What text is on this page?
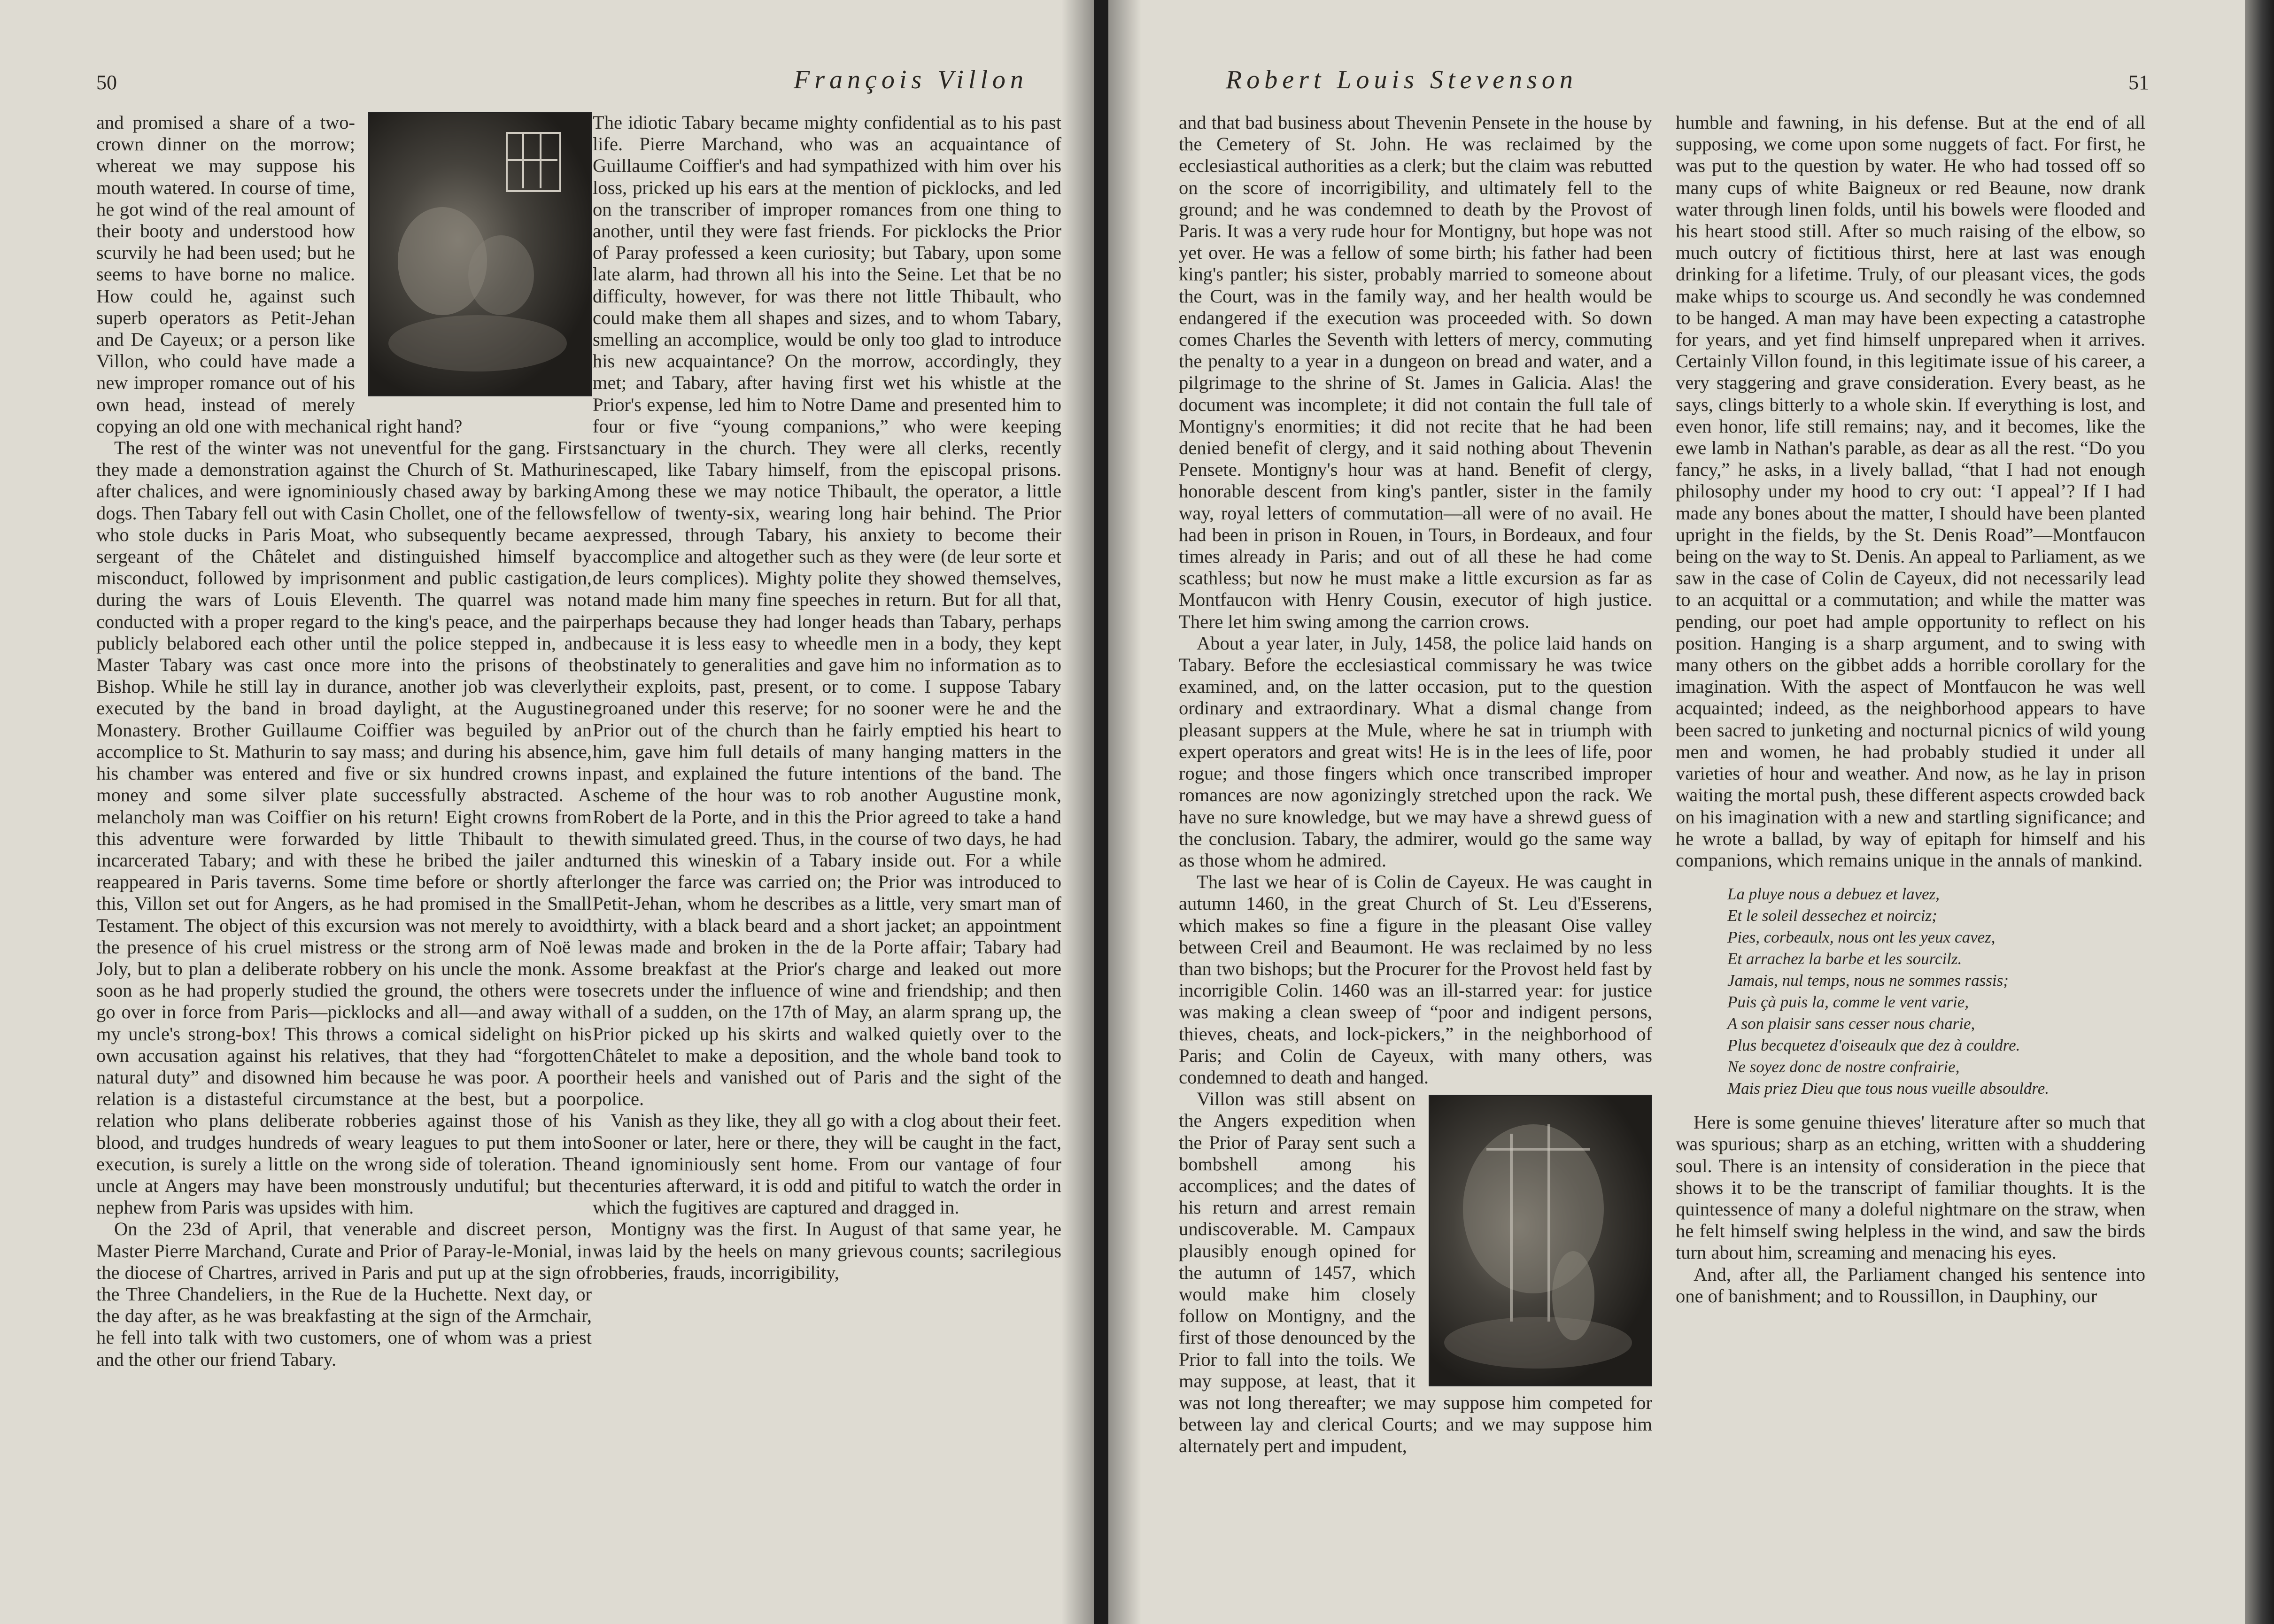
50	François Villon

and promised a share of a two-crown dinner on the morrow; whereat we may suppose his mouth watered. In course of time, he got wind of the real amount of their booty and understood how scurvily he had been used; but he seems to have borne no malice. How could he, against such superb operators as Petit-Jehan and De Cayeux; or a person like Villon, who could have made a new improper romance out of his own head, instead of merely copying an old one with mechanical right hand?

The rest of the winter was not uneventful for the gang. First they made a demonstration against the Church of St. Mathurin after chalices, and were ignominiously chased away by barking dogs. Then Tabary fell out with Casin Chollet, one of the fellows who stole ducks in Paris Moat, who subsequently became a sergeant of the Châtelet and distinguished himself by misconduct, followed by imprisonment and public castigation, during the wars of Louis Eleventh. The quarrel was not conducted with a proper regard to the king's peace, and the pair publicly belabored each other until the police stepped in, and Master Tabary was cast once more into the prisons of the Bishop. While he still lay in durance, another job was cleverly executed by the band in broad daylight, at the Augustine Monastery. Brother Guillaume Coiffier was beguiled by an accomplice to St. Mathurin to say mass; and during his absence, his chamber was entered and five or six hundred crowns in money and some silver plate successfully abstracted. A melancholy man was Coiffier on his return! Eight crowns from this adventure were forwarded by little Thibault to the incarcerated Tabary; and with these he bribed the jailer and reappeared in Paris taverns. Some time before or shortly after this, Villon set out for Angers, as he had promised in the Small Testament. The object of this excursion was not merely to avoid the presence of his cruel mistress or the strong arm of Noë le Joly, but to plan a deliberate robbery on his uncle the monk. As soon as he had properly studied the ground, the others were to go over in force from Paris—picklocks and all—and away with my uncle's strong-box! This throws a comical sidelight on his own accusation against his relatives, that they had “forgotten natural duty” and disowned him because he was poor. A poor relation is a distasteful circumstance at the best, but a poor relation who plans deliberate robberies against those of his blood, and trudges hundreds of weary leagues to put them into execution, is surely a little on the wrong side of toleration. The uncle at Angers may have been monstrously undutiful; but the nephew from Paris was upsides with him.

On the 23d of April, that venerable and discreet person, Master Pierre Marchand, Curate and Prior of Paray-le-Monial, in the diocese of Chartres, arrived in Paris and put up at the sign of the Three Chandeliers, in the Rue de la Huchette. Next day, or the day after, as he was breakfasting at the sign of the Armchair, he fell into talk with two customers, one of whom was a priest and the other our friend Tabary.

The idiotic Tabary became mighty confidential as to his past life. Pierre Marchand, who was an acquaintance of Guillaume Coiffier's and had sympathized with him over his loss, pricked up his ears at the mention of picklocks, and led on the transcriber of improper romances from one thing to another, until they were fast friends. For picklocks the Prior of Paray professed a keen curiosity; but Tabary, upon some late alarm, had thrown all his into the Seine. Let that be no difficulty, however, for was there not little Thibault, who could make them all shapes and sizes, and to whom Tabary, smelling an accomplice, would be only too glad to introduce his new acquaintance? On the morrow, accordingly, they met; and Tabary, after having first wet his whistle at the Prior's expense, led him to Notre Dame and presented him to four or five “young companions,” who were keeping sanctuary in the church. They were all clerks, recently escaped, like Tabary himself, from the episcopal prisons. Among these we may notice Thibault, the operator, a little fellow of twenty-six, wearing long hair behind. The Prior expressed, through Tabary, his anxiety to become their accomplice and altogether such as they were (de leur sorte et de leurs complices). Mighty polite they showed themselves, and made him many fine speeches in return. But for all that, perhaps because they had longer heads than Tabary, perhaps because it is less easy to wheedle men in a body, they kept obstinately to generalities and gave him no information as to their exploits, past, present, or to come. I suppose Tabary groaned under this reserve; for no sooner were he and the Prior out of the church than he fairly emptied his heart to him, gave him full details of many hanging matters in the past, and explained the future intentions of the band. The scheme of the hour was to rob another Augustine monk, Robert de la Porte, and in this the Prior agreed to take a hand with simulated greed. Thus, in the course of two days, he had turned this wineskin of a Tabary inside out. For a while longer the farce was carried on; the Prior was introduced to Petit-Jehan, whom he describes as a little, very smart man of thirty, with a black beard and a short jacket; an appointment was made and broken in the de la Porte affair; Tabary had some breakfast at the Prior's charge and leaked out more secrets under the influence of wine and friendship; and then all of a sudden, on the 17th of May, an alarm sprang up, the Prior picked up his skirts and walked quietly over to the Châtelet to make a deposition, and the whole band took to their heels and vanished out of Paris and the sight of the police.

Vanish as they like, they all go with a clog about their feet. Sooner or later, here or there, they will be caught in the fact, and ignominiously sent home. From our vantage of four centuries afterward, it is odd and pitiful to watch the order in which the fugitives are captured and dragged in.

Montigny was the first. In August of that same year, he was laid by the heels on many grievous counts; sacrilegious robberies, frauds, incorrigibility,

Robert Louis Stevenson	51

and that bad business about Thevenin Pensete in the house by the Cemetery of St. John. He was reclaimed by the ecclesiastical authorities as a clerk; but the claim was rebutted on the score of incorrigibility, and ultimately fell to the ground; and he was condemned to death by the Provost of Paris. It was a very rude hour for Montigny, but hope was not yet over. He was a fellow of some birth; his father had been king's pantler; his sister, probably married to someone about the Court, was in the family way, and her health would be endangered if the execution was proceeded with. So down comes Charles the Seventh with letters of mercy, commuting the penalty to a year in a dungeon on bread and water, and a pilgrimage to the shrine of St. James in Galicia. Alas! the document was incomplete; it did not contain the full tale of Montigny's enormities; it did not recite that he had been denied benefit of clergy, and it said nothing about Thevenin Pensete. Montigny's hour was at hand. Benefit of clergy, honorable descent from king's pantler, sister in the family way, royal letters of commutation—all were of no avail. He had been in prison in Rouen, in Tours, in Bordeaux, and four times already in Paris; and out of all these he had come scathless; but now he must make a little excursion as far as Montfaucon with Henry Cousin, executor of high justice. There let him swing among the carrion crows.

About a year later, in July, 1458, the police laid hands on Tabary. Before the ecclesiastical commissary he was twice examined, and, on the latter occasion, put to the question ordinary and extraordinary. What a dismal change from pleasant suppers at the Mule, where he sat in triumph with expert operators and great wits! He is in the lees of life, poor rogue; and those fingers which once transcribed improper romances are now agonizingly stretched upon the rack. We have no sure knowledge, but we may have a shrewd guess of the conclusion. Tabary, the admirer, would go the same way as those whom he admired.

The last we hear of is Colin de Cayeux. He was caught in autumn 1460, in the great Church of St. Leu d'Esserens, which makes so fine a figure in the pleasant Oise valley between Creil and Beaumont. He was reclaimed by no less than two bishops; but the Procurer for the Provost held fast by incorrigible Colin. 1460 was an ill-starred year: for justice was making a clean sweep of “poor and indigent persons, thieves, cheats, and lock-pickers,” in the neighborhood of Paris; and Colin de Cayeux, with many others, was condemned to death and hanged.

Villon was still absent on the Angers expedition when the Prior of Paray sent such a bombshell among his accomplices; and the dates of his return and arrest remain undiscoverable. M. Campaux plausibly enough opined for the autumn of 1457, which would make him closely follow on Montigny, and the first of those denounced by the Prior to fall into the toils. We may suppose, at least, that it was not long thereafter; we may suppose him competed for between lay and clerical Courts; and we may suppose him alternately pert and impudent,

humble and fawning, in his defense. But at the end of all supposing, we come upon some nuggets of fact. For first, he was put to the question by water. He who had tossed off so many cups of white Baigneux or red Beaune, now drank water through linen folds, until his bowels were flooded and his heart stood still. After so much raising of the elbow, so much outcry of fictitious thirst, here at last was enough drinking for a lifetime. Truly, of our pleasant vices, the gods make whips to scourge us. And secondly he was condemned to be hanged. A man may have been expecting a catastrophe for years, and yet find himself unprepared when it arrives. Certainly Villon found, in this legitimate issue of his career, a very staggering and grave consideration. Every beast, as he says, clings bitterly to a whole skin. If everything is lost, and even honor, life still remains; nay, and it becomes, like the ewe lamb in Nathan's parable, as dear as all the rest. “Do you fancy,” he asks, in a lively ballad, “that I had not enough philosophy under my hood to cry out: ‘I appeal’? If I had made any bones about the matter, I should have been planted upright in the fields, by the St. Denis Road”—Montfaucon being on the way to St. Denis. An appeal to Parliament, as we saw in the case of Colin de Cayeux, did not necessarily lead to an acquittal or a commutation; and while the matter was pending, our poet had ample opportunity to reflect on his position. Hanging is a sharp argument, and to swing with many others on the gibbet adds a horrible corollary for the imagination. With the aspect of Montfaucon he was well acquainted; indeed, as the neighborhood appears to have been sacred to junketing and nocturnal picnics of wild young men and women, he had probably studied it under all varieties of hour and weather. And now, as he lay in prison waiting the mortal push, these different aspects crowded back on his imagination with a new and startling significance; and he wrote a ballad, by way of epitaph for himself and his companions, which remains unique in the annals of mankind.

La pluye nous a debuez et lavez,
Et le soleil dessechez et noirciz;
Pies, corbeaulx, nous ont les yeux cavez,
Et arrachez la barbe et les sourcilz.
Jamais, nul temps, nous ne sommes rassis;
Puis çà puis la, comme le vent varie,
A son plaisir sans cesser nous charie,
Plus becquetez d'oiseaulx que dez à couldre.
Ne soyez donc de nostre confrairie,
Mais priez Dieu que tous nous vueille absouldre.

Here is some genuine thieves' literature after so much that was spurious; sharp as an etching, written with a shuddering soul. There is an intensity of consideration in the piece that shows it to be the transcript of familiar thoughts. It is the quintessence of many a doleful nightmare on the straw, when he felt himself swing helpless in the wind, and saw the birds turn about him, screaming and menacing his eyes.

And, after all, the Parliament changed his sentence into one of banishment; and to Roussillon, in Dauphiny, our
